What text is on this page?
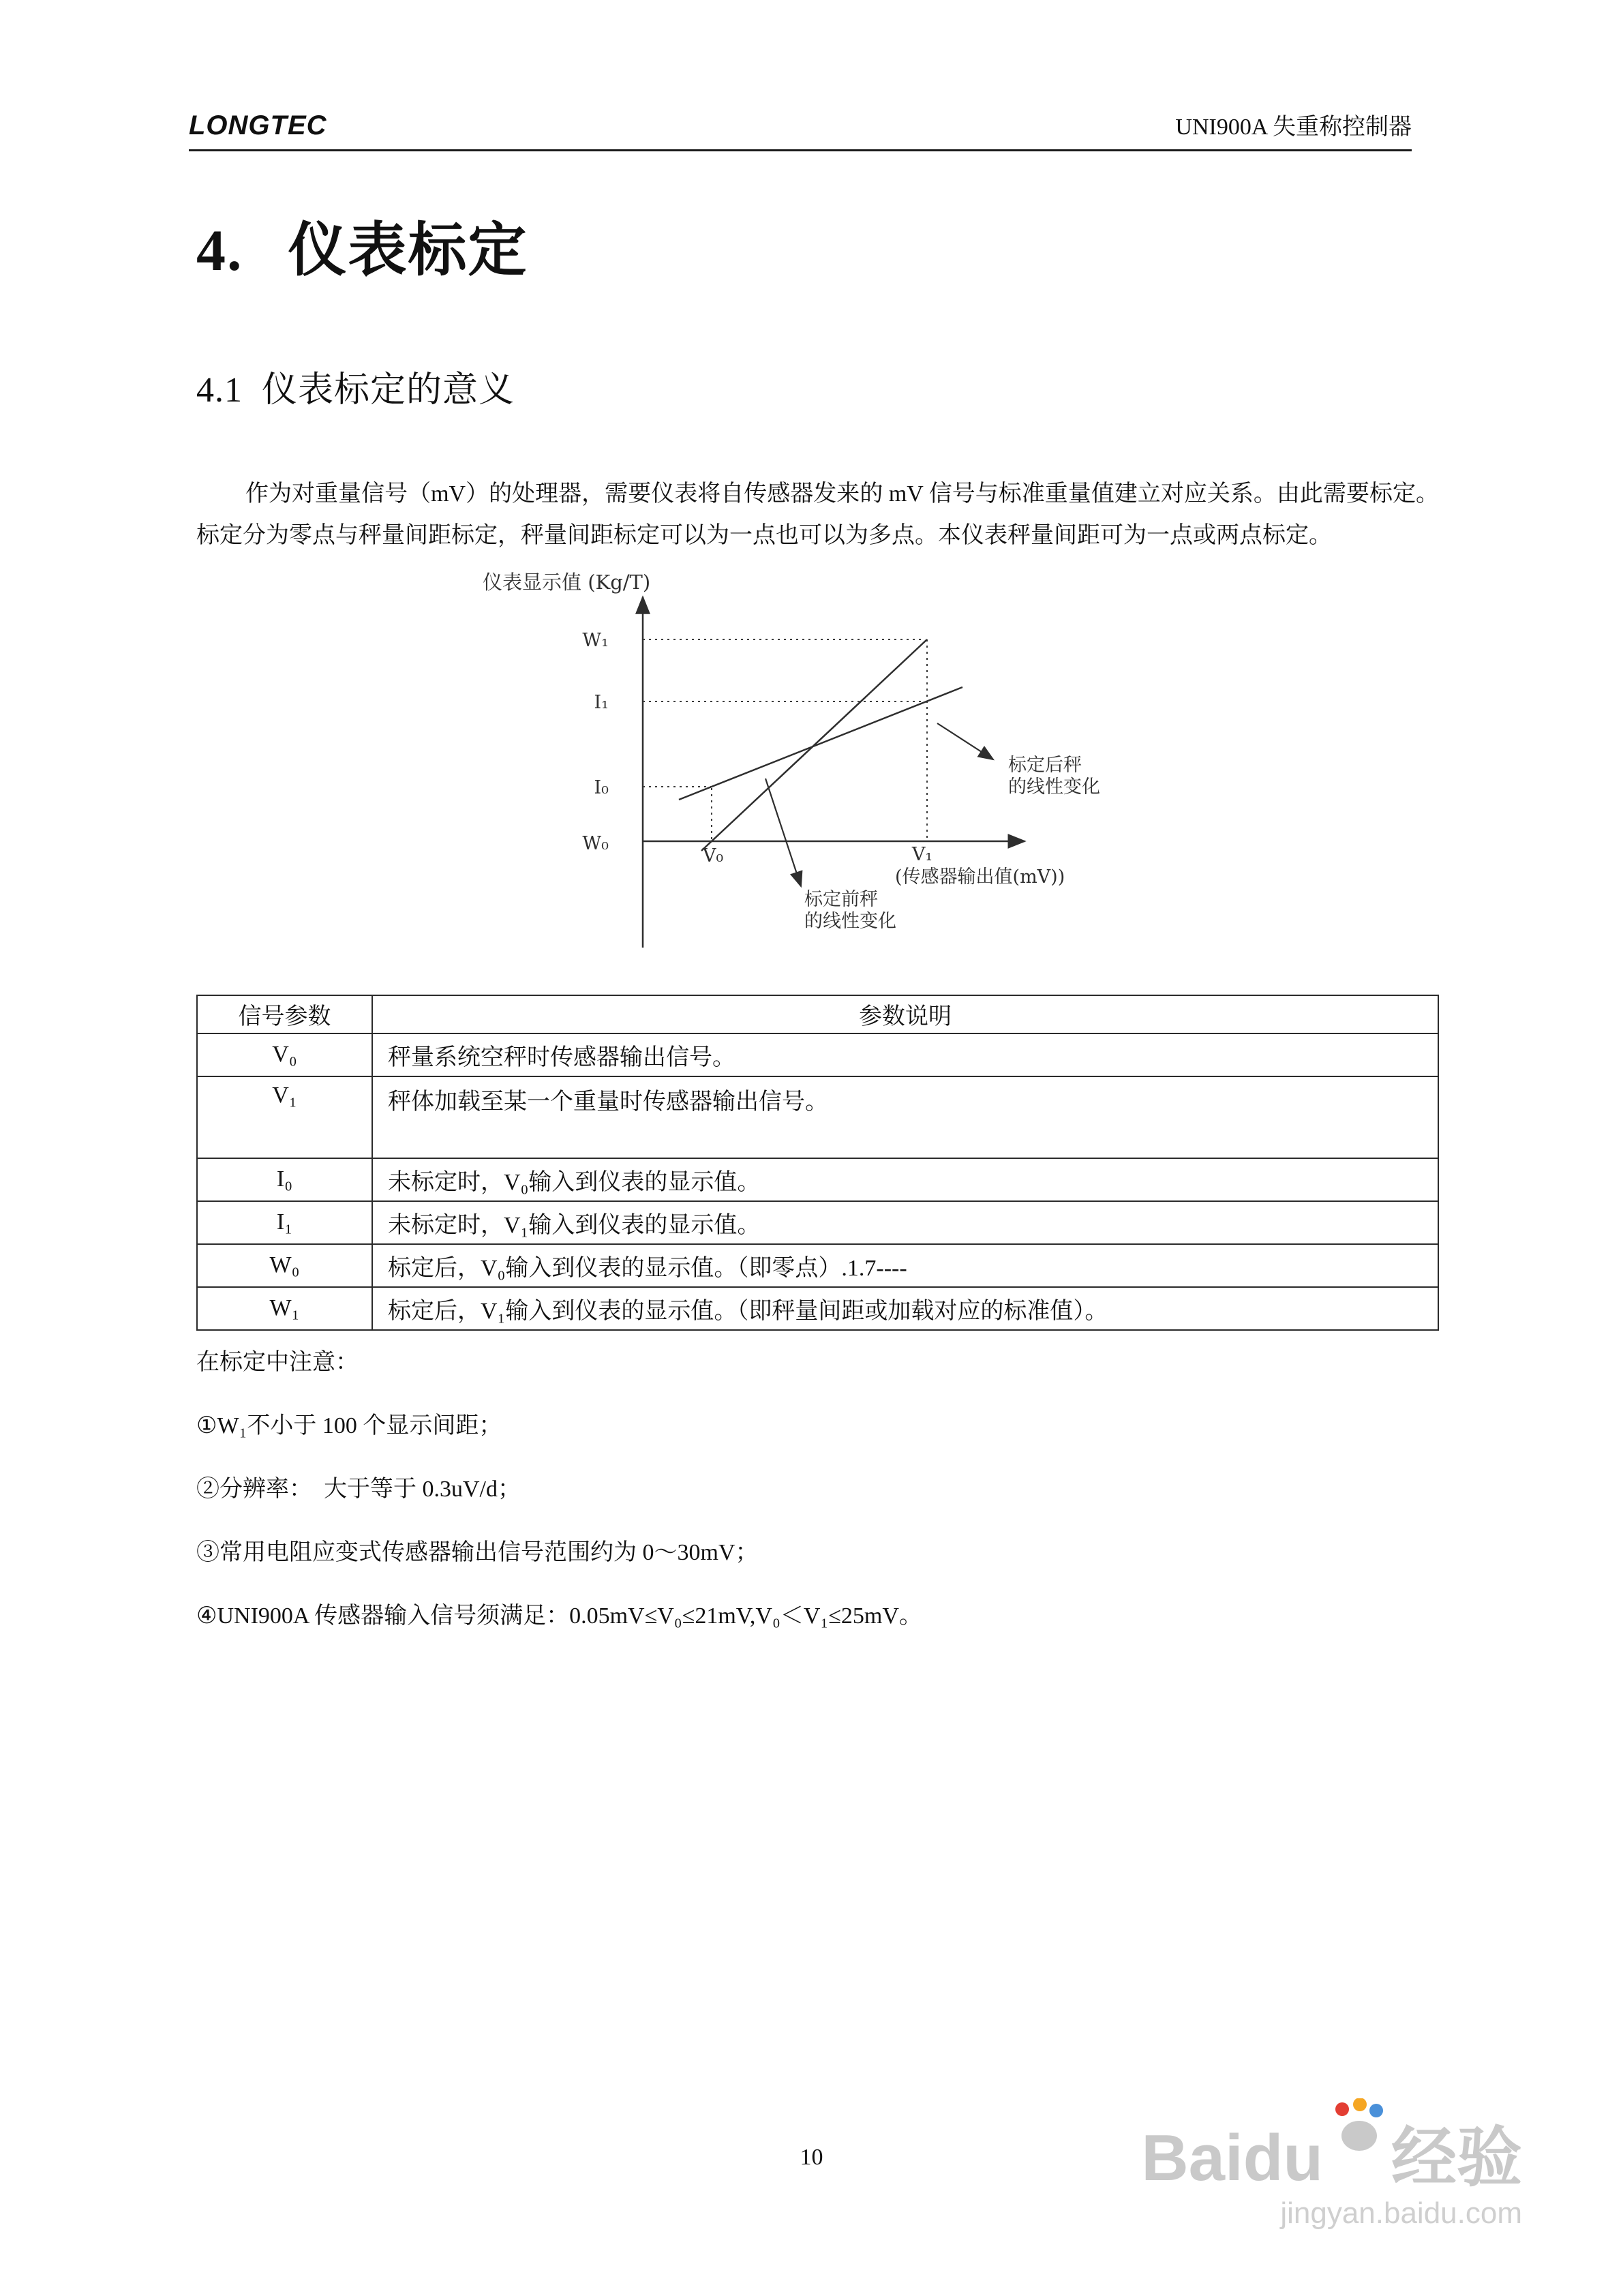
LONGTEC	UNI900A 失重称控制器
4. 仪表标定
4.1 仪表标定的意义

作为对重量信号（mV）的处理器，需要仪表将自传感器发来的 mV 信号与标准重量值建立对应关系。由此需要标定。标定分为零点与秤量间距标定，秤量间距标定可以为一点也可以为多点。本仪表秤量间距可为一点或两点标定。

仪表显示值 (Kg/T)
W₁
I₁
I₀
W₀
V₀	V₁
(传感器输出值(mV))
标定后秤
的线性变化
标定前秤
的线性变化
信号参数	参数说明
V₀	秤量系统空秤时传感器输出信号。
V₁	秤体加载至某一个重量时传感器输出信号。
I₀	未标定时，V₀输入到仪表的显示值。
I₁	未标定时，V₁输入到仪表的显示值。
W₀	标定后，V₀输入到仪表的显示值。（即零点）.1.7----
W₁	标定后，V₁输入到仪表的显示值。（即秤量间距或加载对应的标准值）。

在标定中注意：

①W₁不小于 100 个显示间距；

②分辨率：　大于等于 0.3uV/d；

③常用电阻应变式传感器输出信号范围约为 0～30mV；

④UNI900A 传感器输入信号须满足：0.05mV≤V₀≤21mV,V₀＜V₁≤25mV。

10	Baidu 经验
jingyan.baidu.com
